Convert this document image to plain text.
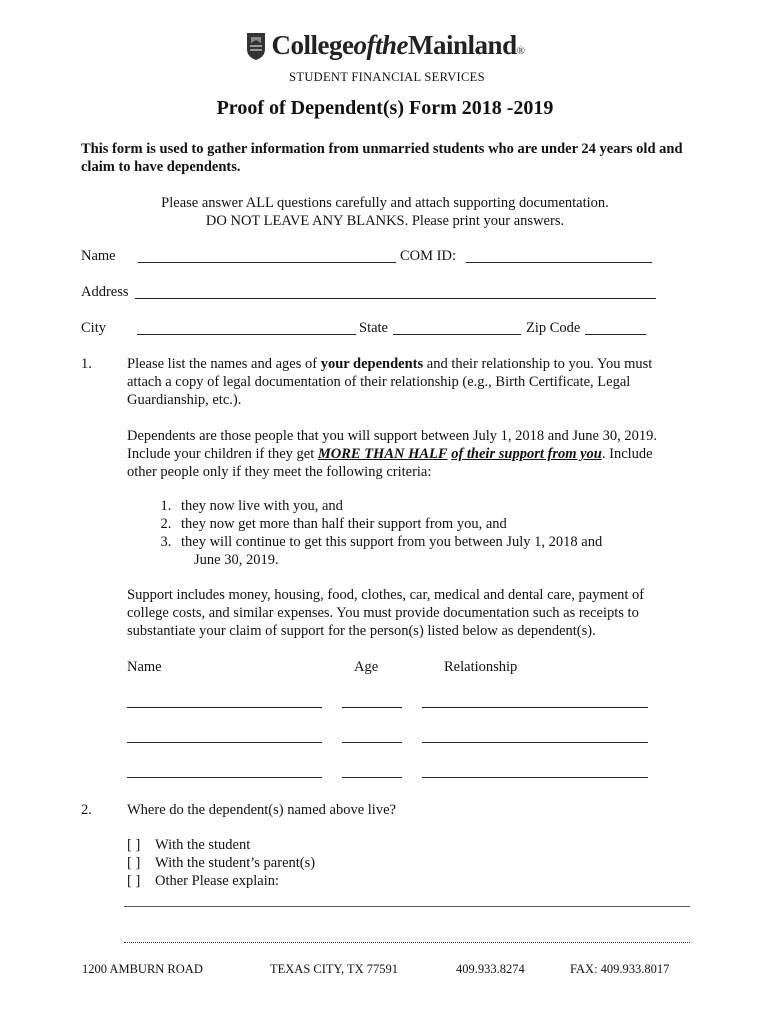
CollegeoftheMainland®
STUDENT FINANCIAL SERVICES
Proof of Dependent(s) Form 2018 -2019
This form is used to gather information from unmarried students who are under 24 years old and claim to have dependents.
Please answer ALL questions carefully and attach supporting documentation.
DO NOT LEAVE ANY BLANKS. Please print your answers.
Name	COM ID:
Address
City	State	Zip Code
1. Please list the names and ages of your dependents and their relationship to you. You must
attach a copy of legal documentation of their relationship (e.g., Birth Certificate, Legal
Guardianship, etc.).
Dependents are those people that you will support between July 1, 2018 and June 30, 2019.
Include your children if they get MORE THAN HALF of their support from you. Include
other people only if they meet the following criteria:
1. they now live with you, and
2. they now get more than half their support from you, and
3. they will continue to get this support from you between July 1, 2018 and
June 30, 2019.
Support includes money, housing, food, clothes, car, medical and dental care, payment of
college costs, and similar expenses. You must provide documentation such as receipts to
substantiate your claim of support for the person(s) listed below as dependent(s).
Name	Age	Relationship
2. Where do the dependent(s) named above live?
[ ] With the student
[ ] With the student’s parent(s)
[ ] Other Please explain:
1200 AMBURN ROAD	TEXAS CITY, TX 77591	409.933.8274	FAX: 409.933.8017
